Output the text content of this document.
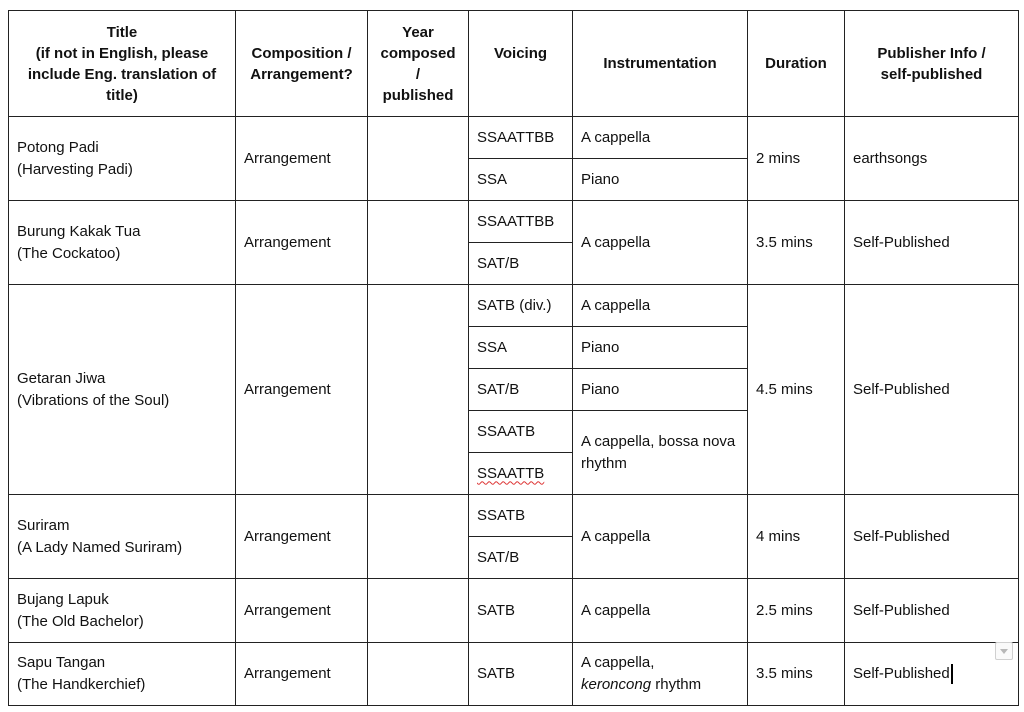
Title
(if not in English, please
include Eng. translation of
title)	Composition /
Arrangement?	Year
composed
/
published	Voicing	Instrumentation	Duration	Publisher Info /
self-published

Potong Padi
(Harvesting Padi)	Arrangement		SSAATTBB	A cappella	2 mins	earthsongs
			SSA	Piano		

Burung Kakak Tua
(The Cockatoo)	Arrangement		SSAATTBB	A cappella	3.5 mins	Self-Published
			SAT/B			

Getaran Jiwa
(Vibrations of the Soul)	Arrangement		SATB (div.)	A cappella	4.5 mins	Self-Published
			SSA	Piano		
			SAT/B	Piano		
			SSAATB	A cappella, bossa nova rhythm		
			SSAATTB			

Suriram
(A Lady Named Suriram)	Arrangement		SSATB	A cappella	4 mins	Self-Published
			SAT/B			

Bujang Lapuk
(The Old Bachelor)	Arrangement		SATB	A cappella	2.5 mins	Self-Published

Sapu Tangan
(The Handkerchief)	Arrangement		SATB	A cappella,
keroncong rhythm	3.5 mins	Self-Published
